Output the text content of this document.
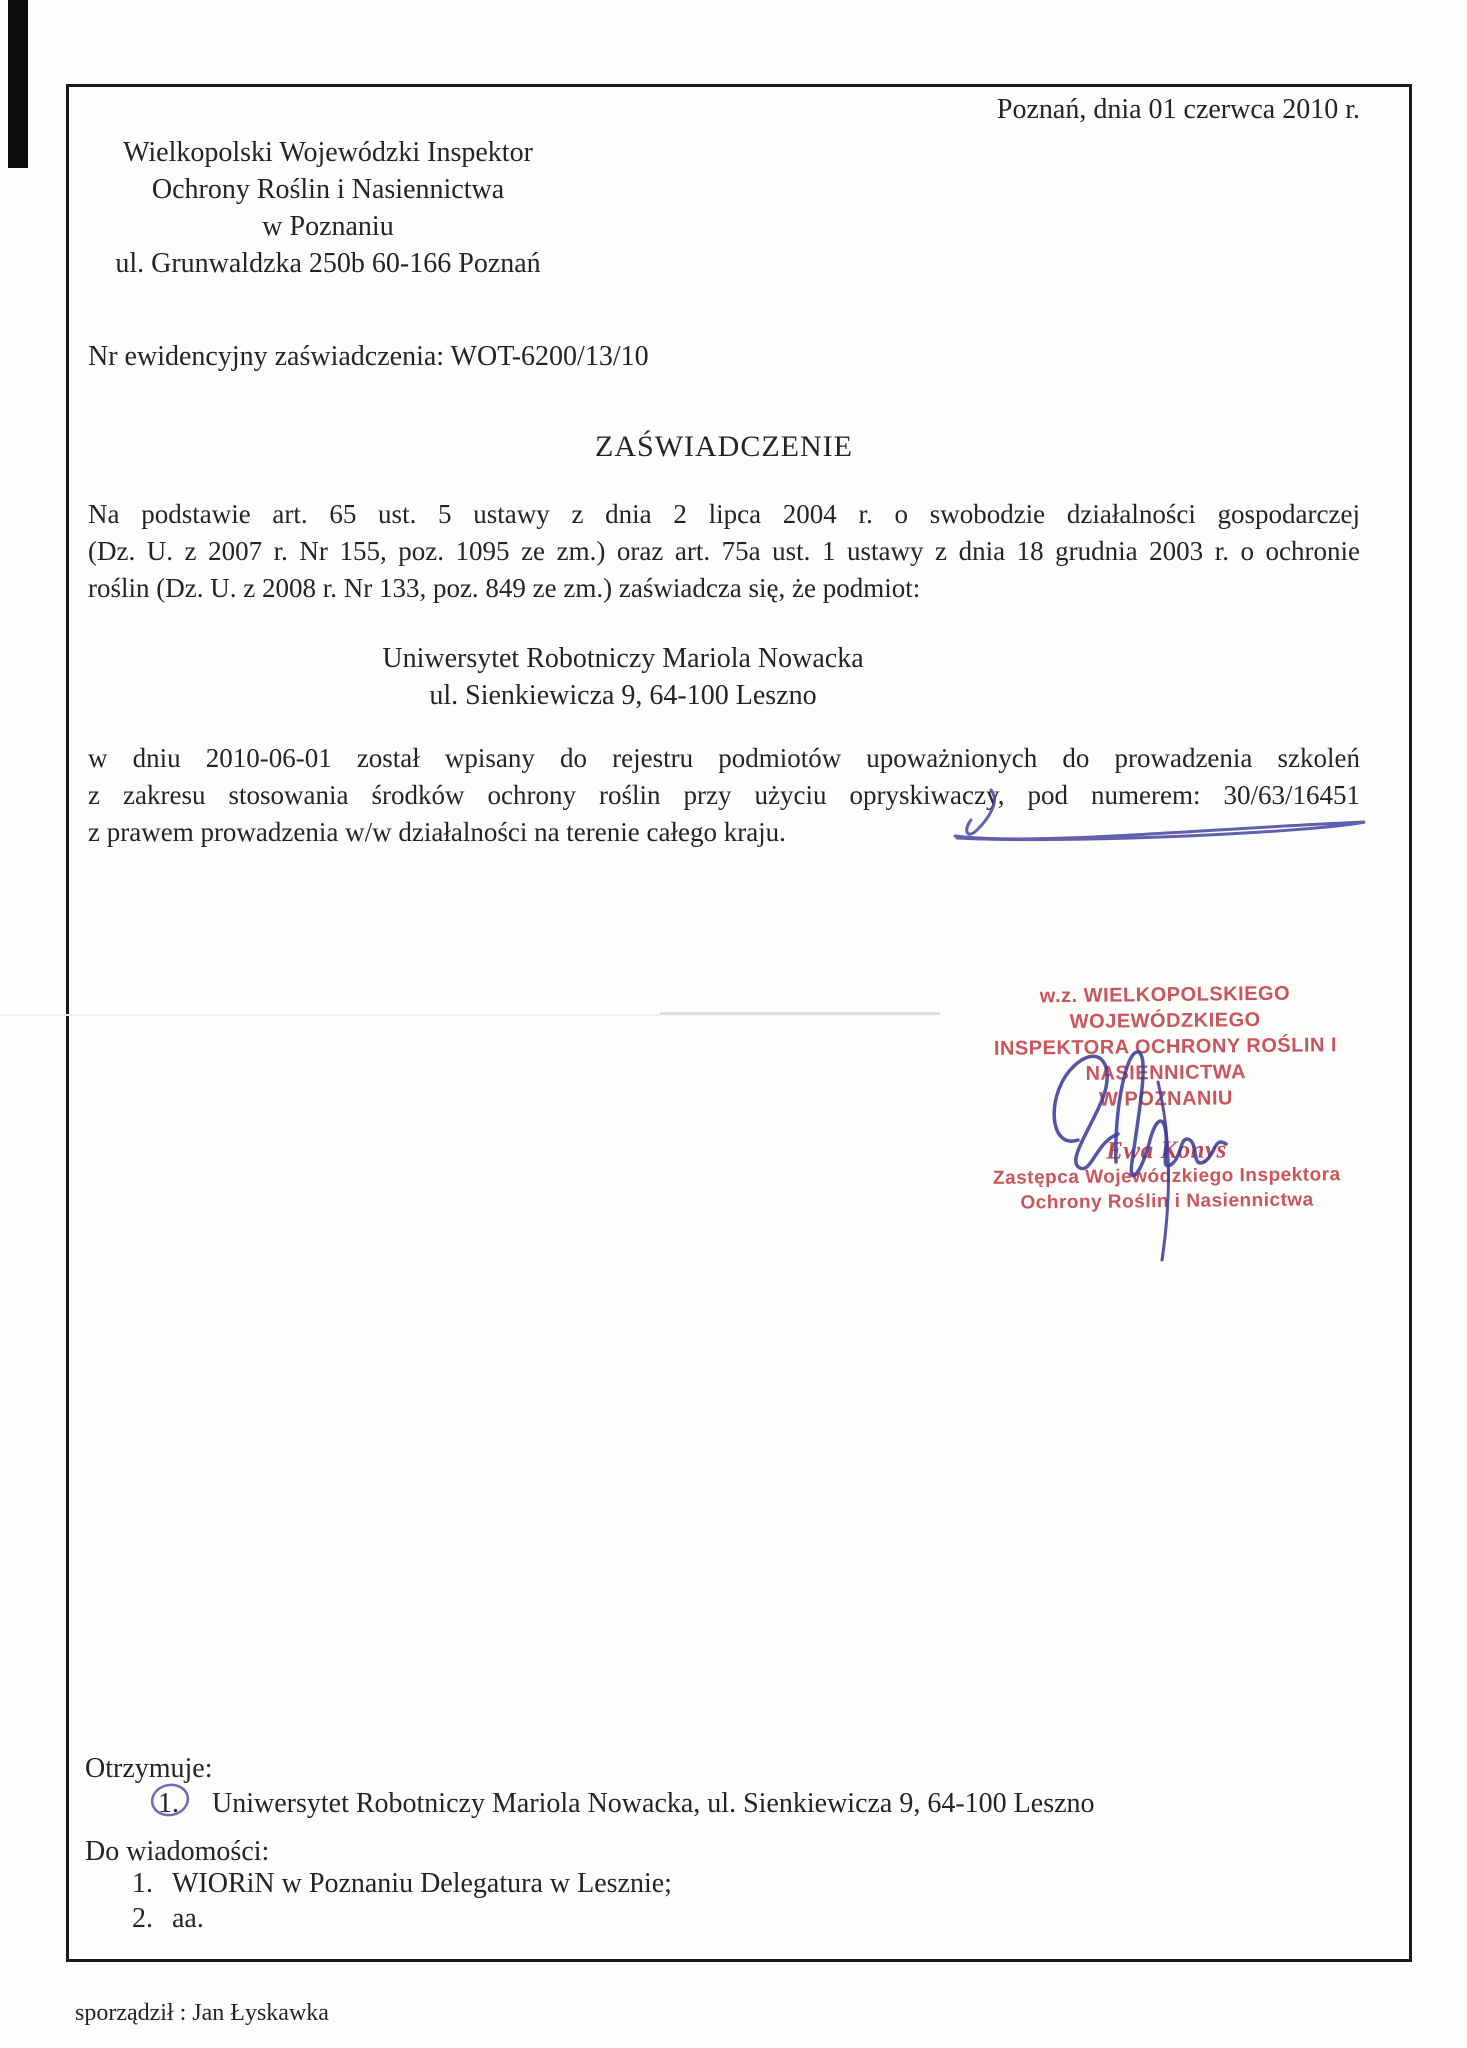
Poznań, dnia 01 czerwca 2010 r.
Wielkopolski Wojewódzki Inspektor
Ochrony Roślin i Nasiennictwa
w Poznaniu
ul. Grunwaldzka 250b 60-166 Poznań
Nr ewidencyjny zaświadczenia: WOT-6200/13/10
ZAŚWIADCZENIE
Na podstawie art. 65 ust. 5 ustawy z dnia 2 lipca 2004 r. o swobodzie działalności gospodarczej
(Dz. U. z 2007 r. Nr 155, poz. 1095 ze zm.) oraz art. 75a ust. 1 ustawy z dnia 18 grudnia 2003 r. o ochronie
roślin (Dz. U. z 2008 r. Nr 133, poz. 849 ze zm.) zaświadcza się, że podmiot:
Uniwersytet Robotniczy Mariola Nowacka
ul. Sienkiewicza 9, 64-100 Leszno
w dniu 2010-06-01 został wpisany do rejestru podmiotów upoważnionych do prowadzenia szkoleń
z zakresu stosowania środków ochrony roślin przy użyciu opryskiwaczy, pod numerem: 30/63/16451
z prawem prowadzenia w/w działalności na terenie całego kraju.
w.z. WIELKOPOLSKIEGO WOJEWÓDZKIEGO
INSPEKTORA OCHRONY ROŚLIN I NASIENNICTWA
W POZNANIU
Ewa Konys
Zastępca Wojewódzkiego Inspektora
Ochrony Roślin i Nasiennictwa
Otrzymuje:
1. Uniwersytet Robotniczy Mariola Nowacka, ul. Sienkiewicza 9, 64-100 Leszno
Do wiadomości:
1. WIORiN w Poznaniu Delegatura w Lesznie;
2. aa.
sporządził : Jan Łyskawka
